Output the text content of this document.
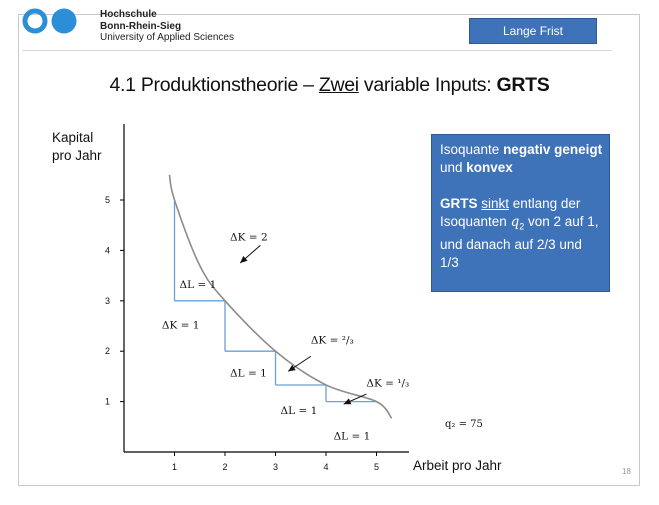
Hochschule
Bonn-Rhein-Sieg
University of Applied Sciences	Lange Frist
4.1 Produktionstheorie – Zwei variable Inputs: GRTS
Kapital
pro Jahr
Arbeit pro Jahr
1	2	3	4	5
1
2
3
4
5
ΔK = 2
ΔL = 1
ΔK = 1
ΔL = 1
ΔK = ²/₃
ΔL = 1
ΔK = ¹/₃
ΔL = 1
q₂ = 75

Isoquante negativ geneigt und konvex

GRTS sinkt entlang der Isoquanten $q_2$ von 2 auf 1, und danach auf 2/3 und 1/3

18
